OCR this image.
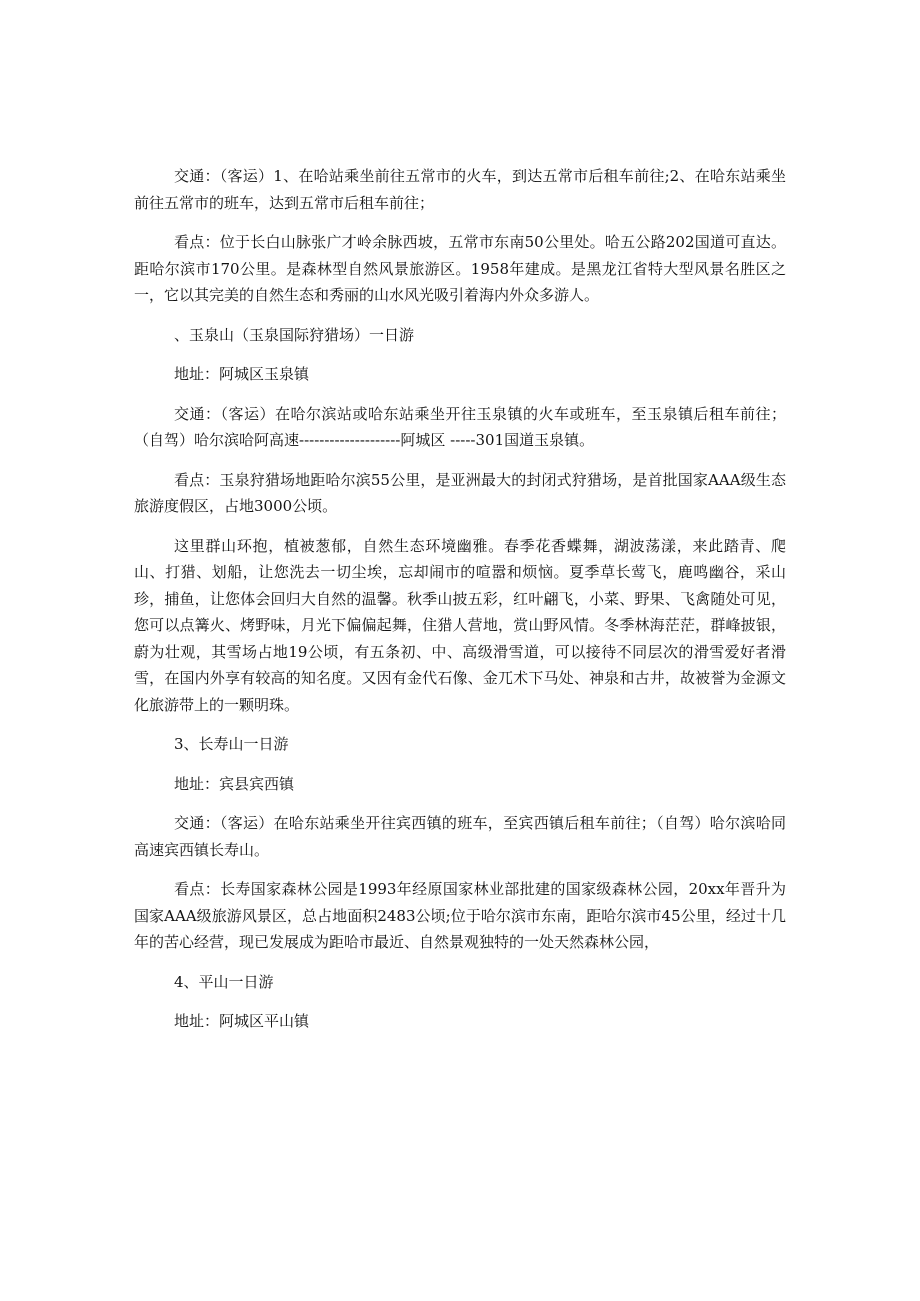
交通：（客运）1、在哈站乘坐前往五常市的火车，到达五常市后租车前往;2、在哈东站乘坐前往五常市的班车，达到五常市后租车前往；

看点：位于长白山脉张广才岭余脉西坡，五常市东南50公里处。哈五公路202国道可直达。距哈尔滨市170公里。是森林型自然风景旅游区。1958年建成。是黑龙江省特大型风景名胜区之一，它以其完美的自然生态和秀丽的山水风光吸引着海内外众多游人。

、玉泉山（玉泉国际狩猎场）一日游

地址：阿城区玉泉镇

交通：（客运）在哈尔滨站或哈东站乘坐开往玉泉镇的火车或班车，至玉泉镇后租车前往；（自驾）哈尔滨哈阿高速--------------------阿城区 -----301国道玉泉镇。

看点：玉泉狩猎场地距哈尔滨55公里，是亚洲最大的封闭式狩猎场，是首批国家AAA级生态旅游度假区，占地3000公顷。

这里群山环抱，植被葱郁，自然生态环境幽雅。春季花香蝶舞，湖波荡漾，来此踏青、爬山、打猎、划船，让您洗去一切尘埃，忘却闹市的喧嚣和烦恼。夏季草长莺飞，鹿鸣幽谷，采山珍，捕鱼，让您体会回归大自然的温馨。秋季山披五彩，红叶翩飞，小菜、野果、飞禽随处可见，您可以点篝火、烤野味，月光下偏偏起舞，住猎人营地，赏山野风情。冬季林海茫茫，群峰披银，蔚为壮观，其雪场占地19公顷，有五条初、中、高级滑雪道，可以接待不同层次的滑雪爱好者滑雪，在国内外享有较高的知名度。又因有金代石像、金兀术下马处、神泉和古井，故被誉为金源文化旅游带上的一颗明珠。

3、长寿山一日游

地址：宾县宾西镇

交通：（客运）在哈东站乘坐开往宾西镇的班车，至宾西镇后租车前往；（自驾）哈尔滨哈同高速宾西镇长寿山。

看点：长寿国家森林公园是1993年经原国家林业部批建的国家级森林公园，20xx年晋升为国家AAA级旅游风景区，总占地面积2483公顷;位于哈尔滨市东南，距哈尔滨市45公里，经过十几年的苦心经营，现已发展成为距哈市最近、自然景观独特的一处天然森林公园，

4、平山一日游

地址：阿城区平山镇
